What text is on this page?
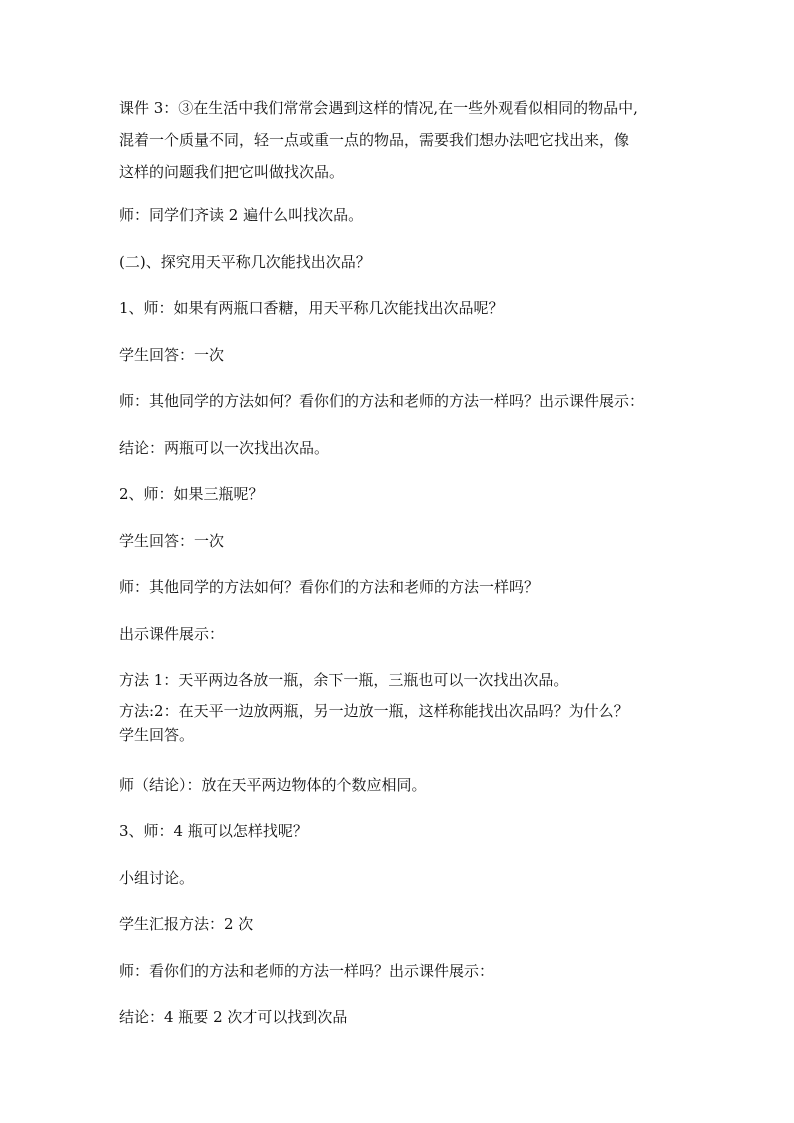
课件 3：③在生活中我们常常会遇到这样的情况,在一些外观看似相同的物品中,
混着一个质量不同，轻一点或重一点的物品，需要我们想办法吧它找出来，像
这样的问题我们把它叫做找次品。
师：同学们齐读 2 遍什么叫找次品。
(二)、探究用天平称几次能找出次品？
1、师：如果有两瓶口香糖，用天平称几次能找出次品呢？
学生回答：一次
师：其他同学的方法如何？看你们的方法和老师的方法一样吗？出示课件展示：
结论：两瓶可以一次找出次品。
2、师：如果三瓶呢？
学生回答：一次
师：其他同学的方法如何？看你们的方法和老师的方法一样吗？
出示课件展示：
方法 1：天平两边各放一瓶，余下一瓶，三瓶也可以一次找出次品。
方法:2：在天平一边放两瓶，另一边放一瓶，这样称能找出次品吗？为什么？
学生回答。
师（结论）：放在天平两边物体的个数应相同。
3、师：4 瓶可以怎样找呢？
小组讨论。
学生汇报方法：2 次
师：看你们的方法和老师的方法一样吗？出示课件展示：
结论：4 瓶要 2 次才可以找到次品
